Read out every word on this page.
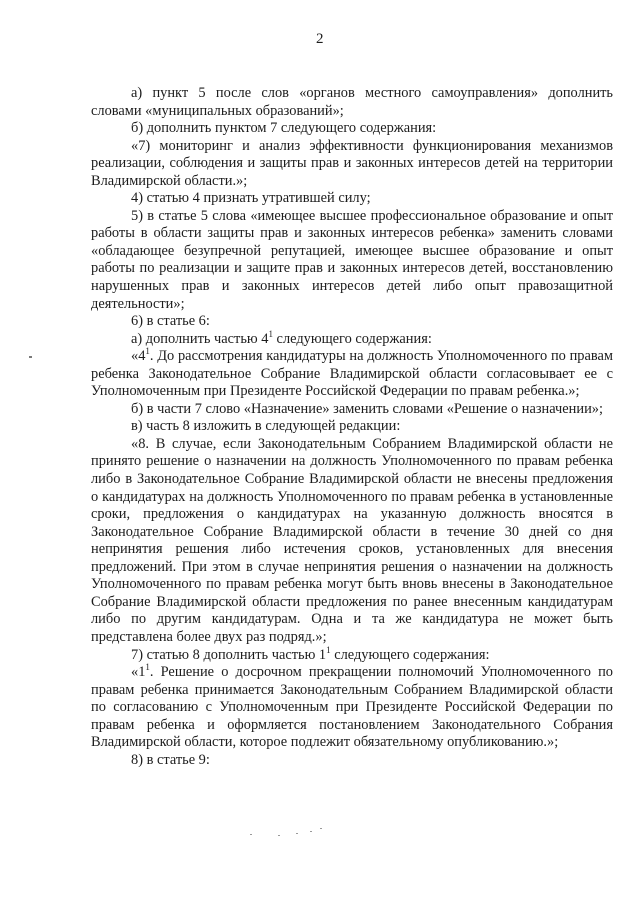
2

а) пункт 5 после слов «органов местного самоуправления» дополнить словами «муниципальных образований»;

б) дополнить пунктом 7 следующего содержания:

«7) мониторинг и анализ эффективности функционирования механизмов реализации, соблюдения и защиты прав и законных интересов детей на территории Владимирской области.»;

4) статью 4 признать утратившей силу;

5) в статье 5 слова «имеющее высшее профессиональное образование и опыт работы в области защиты прав и законных интересов ребенка» заменить словами «обладающее безупречной репутацией, имеющее высшее образование и опыт работы по реализации и защите прав и законных интересов детей, восстановлению нарушенных прав и законных интересов детей либо опыт правозащитной деятельности»;

6) в статье 6:

а) дополнить частью $4^1$ следующего содержания:

«$4^1$. До рассмотрения кандидатуры на должность Уполномоченного по правам ребенка Законодательное Собрание Владимирской области согласовывает ее с Уполномоченным при Президенте Российской Федерации по правам ребенка.»;

б) в части 7 слово «Назначение» заменить словами «Решение о назначении»;

в) часть 8 изложить в следующей редакции:

«8. В случае, если Законодательным Собранием Владимирской области не принято решение о назначении на должность Уполномоченного по правам ребенка либо в Законодательное Собрание Владимирской области не внесены предложения о кандидатурах на должность Уполномоченного по правам ребенка в установленные сроки, предложения о кандидатурах на указанную должность вносятся в Законодательное Собрание Владимирской области в течение 30 дней со дня непринятия решения либо истечения сроков, установленных для внесения предложений. При этом в случае непринятия решения о назначении на должность Уполномоченного по правам ребенка могут быть вновь внесены в Законодательное Собрание Владимирской области предложения по ранее внесенным кандидатурам либо по другим кандидатурам. Одна и та же кандидатура не может быть представлена более двух раз подряд.»;

7) статью 8 дополнить частью $1^1$ следующего содержания:

«$1^1$. Решение о досрочном прекращении полномочий Уполномоченного по правам ребенка принимается Законодательным Собранием Владимирской области по согласованию с Уполномоченным при Президенте Российской Федерации по правам ребенка и оформляется постановлением Законодательного Собрания Владимирской области, которое подлежит обязательному опубликованию.»;

8) в статье 9:
